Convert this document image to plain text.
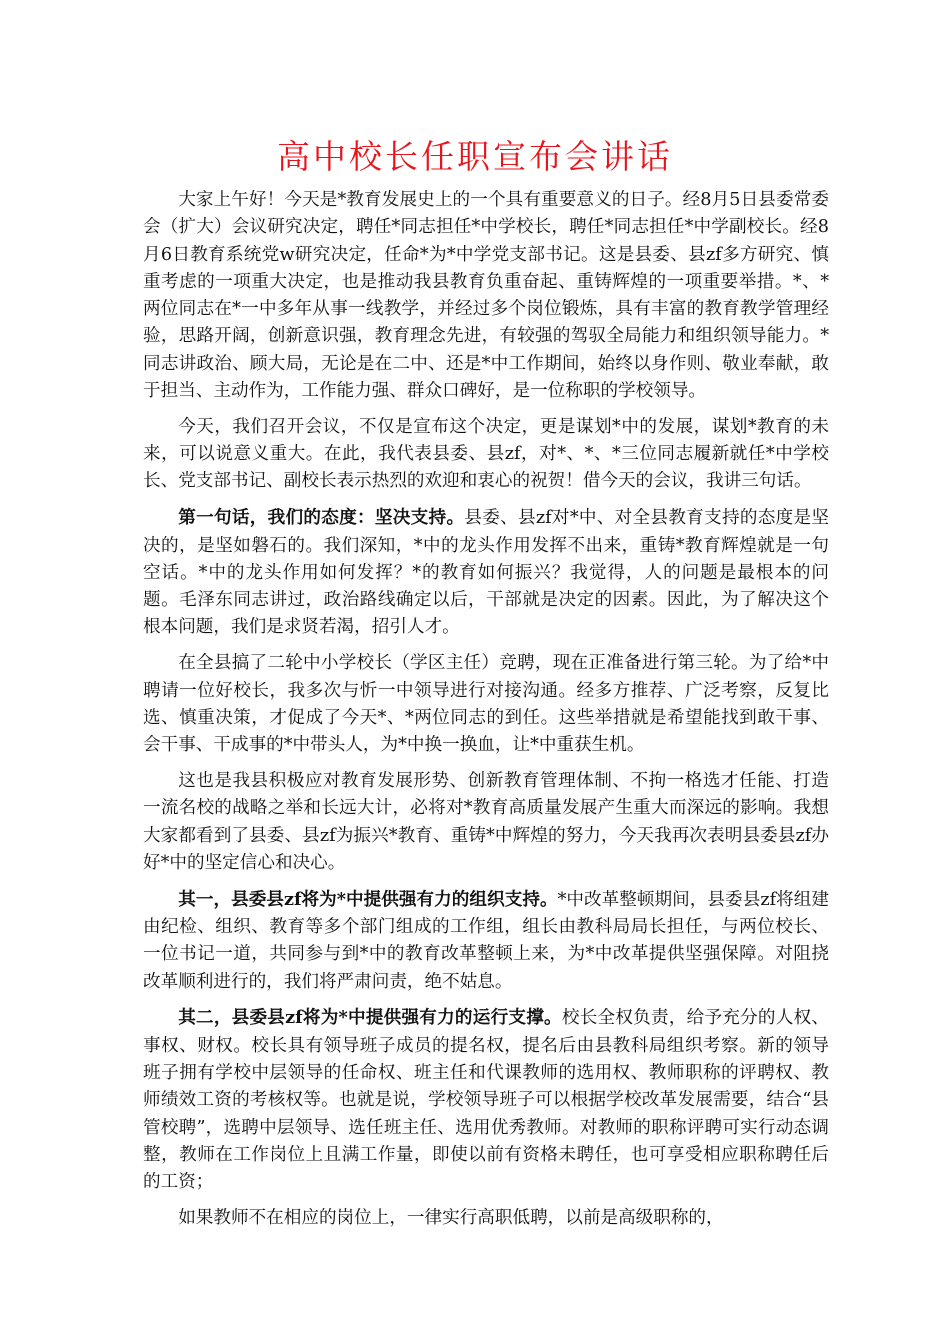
高中校长任职宣布会讲话

大家上午好！今天是*教育发展史上的一个具有重要意义的日子。经8月5日县委常委会（扩大）会议研究决定，聘任*同志担任*中学校长，聘任*同志担任*中学副校长。经8月6日教育系统党w研究决定，任命*为*中学党支部书记。这是县委、县zf多方研究、慎重考虑的一项重大决定，也是推动我县教育负重奋起、重铸辉煌的一项重要举措。*、*两位同志在*一中多年从事一线教学，并经过多个岗位锻炼，具有丰富的教育教学管理经验，思路开阔，创新意识强，教育理念先进，有较强的驾驭全局能力和组织领导能力。*同志讲政治、顾大局，无论是在二中、还是*中工作期间，始终以身作则、敬业奉献，敢于担当、主动作为，工作能力强、群众口碑好，是一位称职的学校领导。

今天，我们召开会议，不仅是宣布这个决定，更是谋划*中的发展，谋划*教育的未来，可以说意义重大。在此，我代表县委、县zf，对*、*、*三位同志履新就任*中学校长、党支部书记、副校长表示热烈的欢迎和衷心的祝贺！借今天的会议，我讲三句话。

第一句话，我们的态度：坚决支持。县委、县zf对*中、对全县教育支持的态度是坚决的，是坚如磐石的。我们深知，*中的龙头作用发挥不出来，重铸*教育辉煌就是一句空话。*中的龙头作用如何发挥？*的教育如何振兴？我觉得，人的问题是最根本的问题。毛泽东同志讲过，政治路线确定以后，干部就是决定的因素。因此，为了解决这个根本问题，我们是求贤若渴，招引人才。

在全县搞了二轮中小学校长（学区主任）竞聘，现在正准备进行第三轮。为了给*中聘请一位好校长，我多次与忻一中领导进行对接沟通。经多方推荐、广泛考察，反复比选、慎重决策，才促成了今天*、*两位同志的到任。这些举措就是希望能找到敢干事、会干事、干成事的*中带头人，为*中换一换血，让*中重获生机。

这也是我县积极应对教育发展形势、创新教育管理体制、不拘一格选才任能、打造一流名校的战略之举和长远大计，必将对*教育高质量发展产生重大而深远的影响。我想大家都看到了县委、县zf为振兴*教育、重铸*中辉煌的努力，今天我再次表明县委县zf办好*中的坚定信心和决心。

其一，县委县zf将为*中提供强有力的组织支持。*中改革整顿期间，县委县zf将组建由纪检、组织、教育等多个部门组成的工作组，组长由教科局局长担任，与两位校长、一位书记一道，共同参与到*中的教育改革整顿上来，为*中改革提供坚强保障。对阻挠改革顺利进行的，我们将严肃问责，绝不姑息。

其二，县委县zf将为*中提供强有力的运行支撑。校长全权负责，给予充分的人权、事权、财权。校长具有领导班子成员的提名权，提名后由县教科局组织考察。新的领导班子拥有学校中层领导的任命权、班主任和代课教师的选用权、教师职称的评聘权、教师绩效工资的考核权等。也就是说，学校领导班子可以根据学校改革发展需要，结合“县管校聘”，选聘中层领导、选任班主任、选用优秀教师。对教师的职称评聘可实行动态调整，教师在工作岗位上且满工作量，即使以前有资格未聘任，也可享受相应职称聘任后的工资；

如果教师不在相应的岗位上，一律实行高职低聘，以前是高级职称的，
